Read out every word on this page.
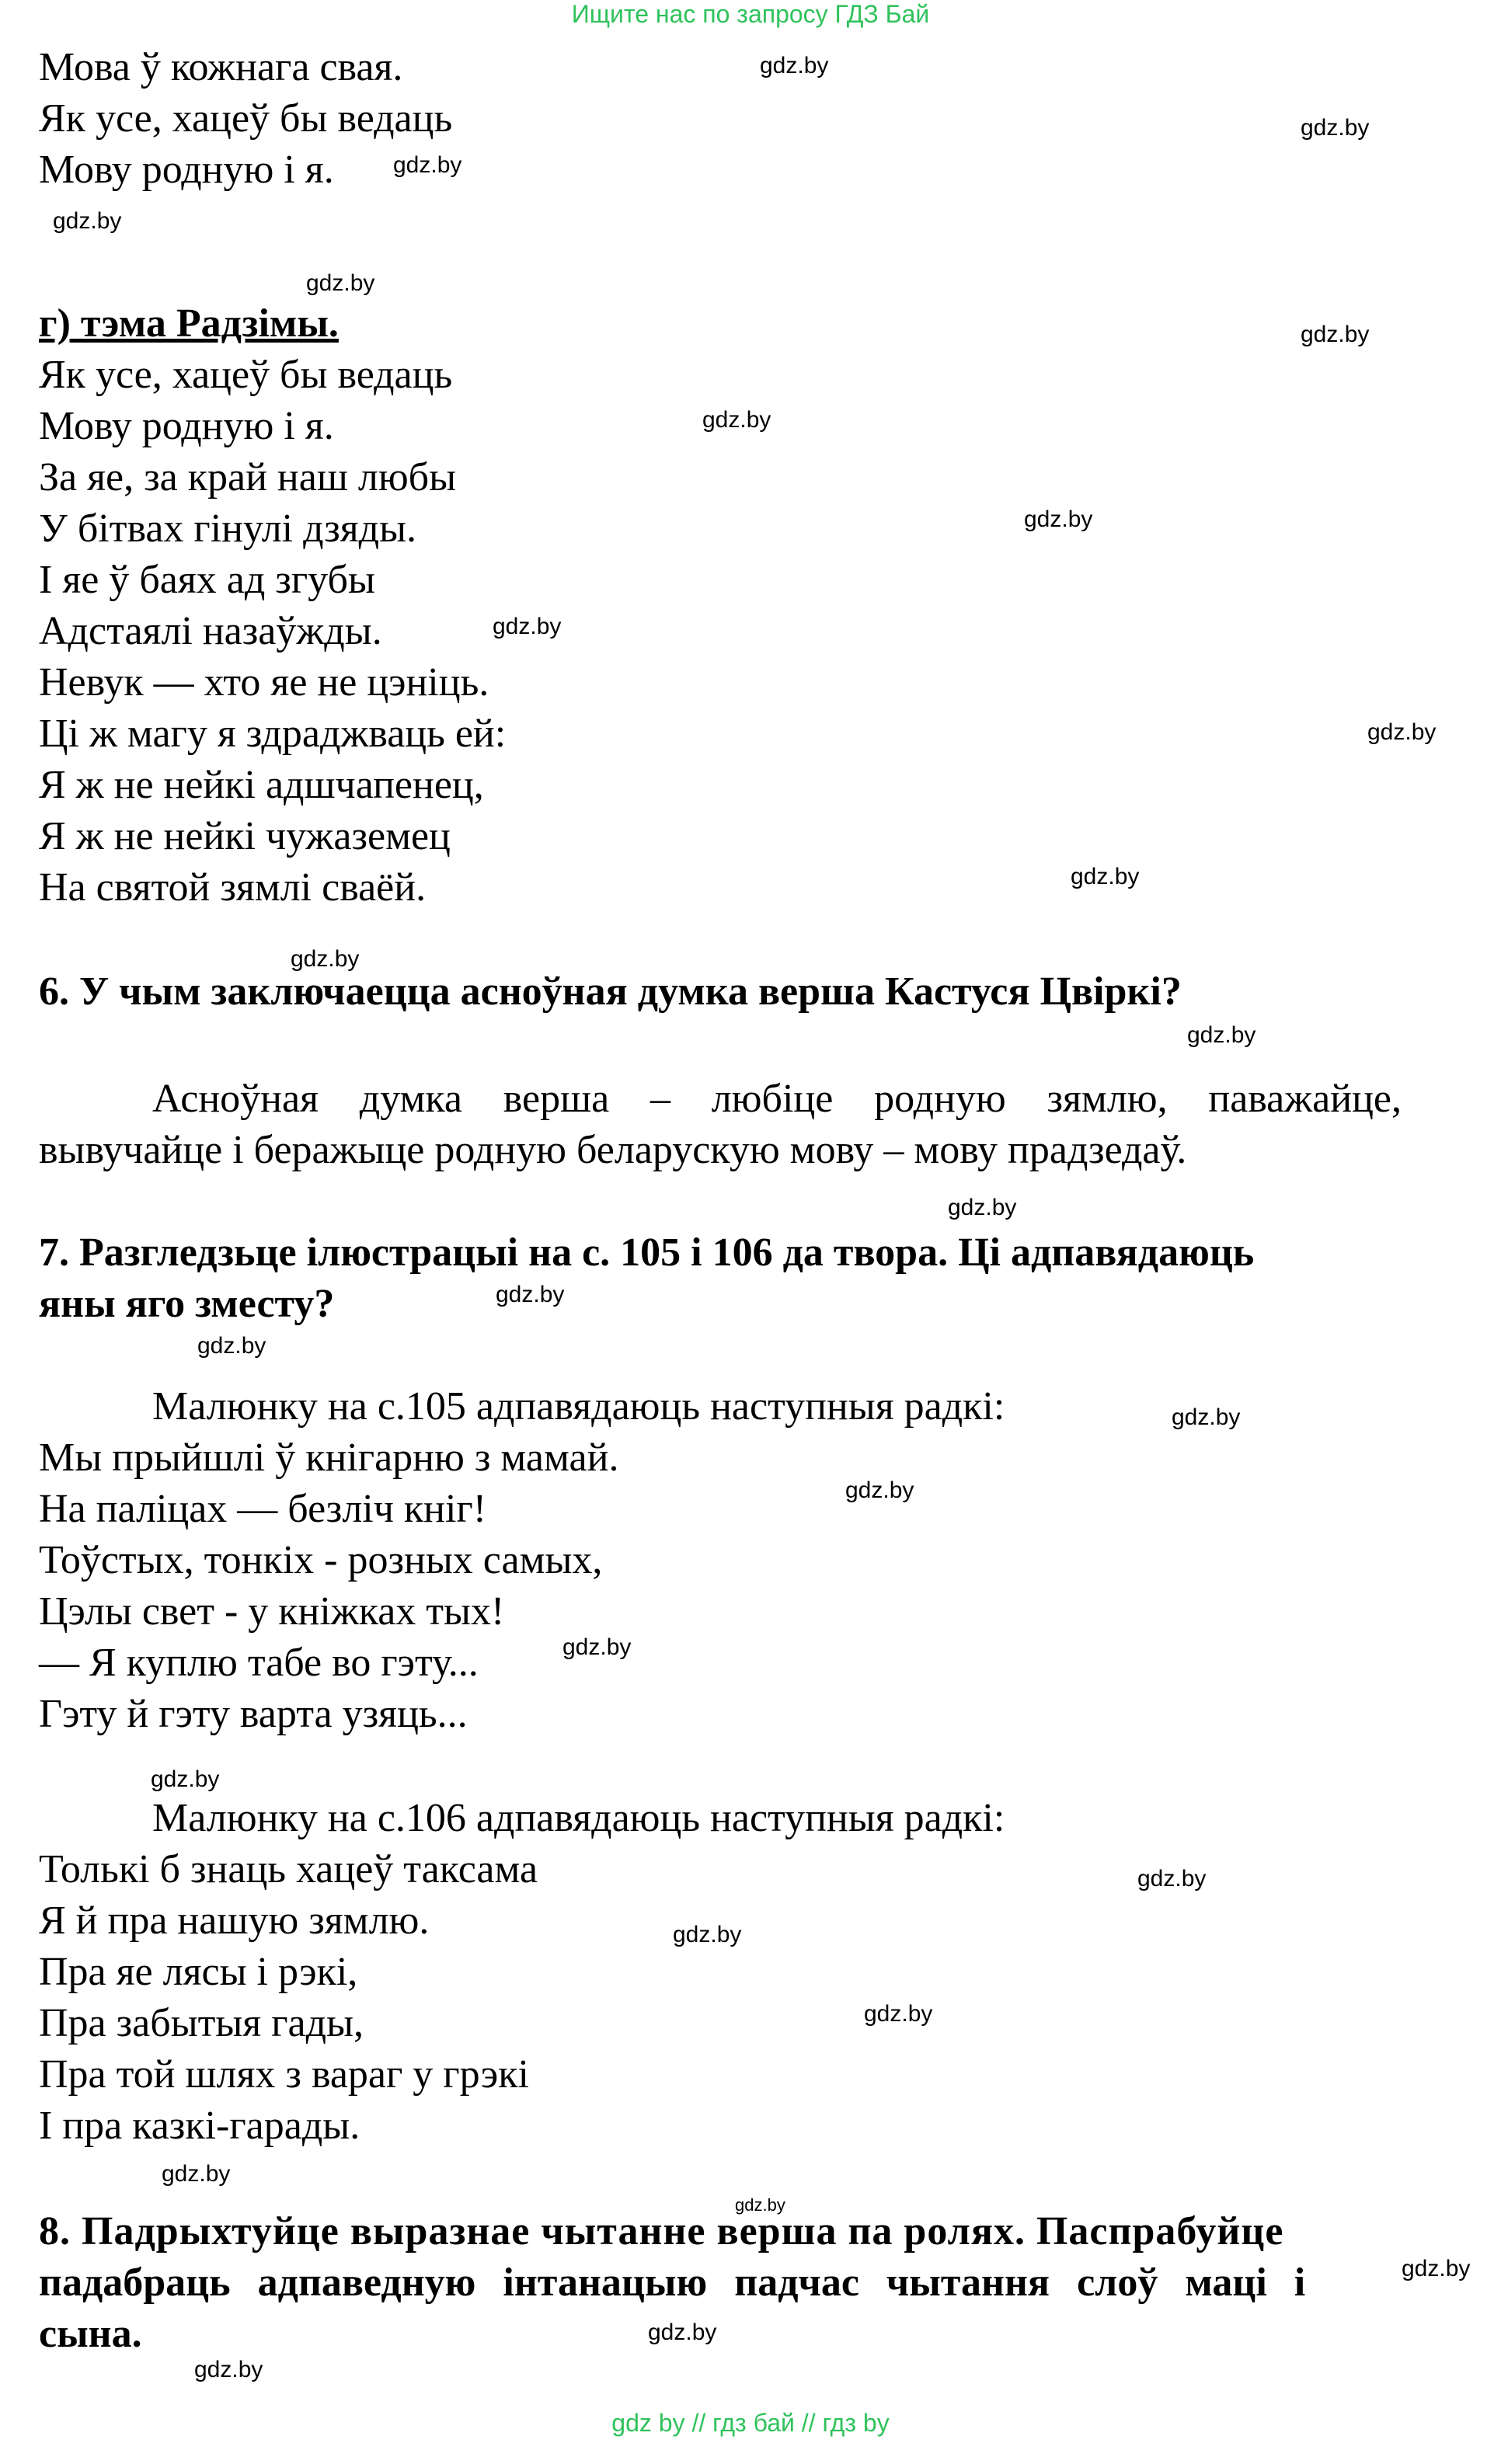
Ищите нас по запросу ГДЗ Бай
Мова ў кожнага свая.
Як усе, хацеў бы ведаць
Мову родную і я.
г) тэма Радзімы.
Як усе, хацеў бы ведаць
Мову родную і я.
За яе, за край наш любы
У бітвах гінулі дзяды.
І яе ў баях ад згубы
Адстаялі назаўжды.
Невук — хто яе не цэніць.
Ці ж магу я здраджваць ей:
Я ж не нейкі адшчапенец,
Я ж не нейкі чужаземец
На святой зямлі сваёй.
6. У чым заключаецца асноўная думка верша Кастуся Цвіркі?
Асноўная думка верша – любіце родную зямлю, паважайце,
вывучайце і беражыце родную беларускую мову – мову прадзедаў.
7. Разгледзьце ілюстрацыі на с. 105 і 106 да твора. Ці адпавядаюць
яны яго зместу?
Малюнку на с.105 адпавядаюць наступныя радкі:
Мы прыйшлі ў кнігарню з мамай.
На паліцах — безліч кніг!
Тоўстых, тонкіх - розных самых,
Цэлы свет - у кніжках тых!
— Я куплю табе во гэту...
Гэту й гэту варта узяць...
Малюнку на с.106 адпавядаюць наступныя радкі:
Толькі б знаць хацеў таксама
Я й пра нашую зямлю.
Пра яе лясы і рэкі,
Пра забытыя гады,
Пра той шлях з вараг у грэкі
І пра казкі-гарады.
8. Падрыхтуйце выразнае чытанне верша па ролях. Паспрабуйце
падабраць адпаведную інтанацыю падчас чытання слоў маці і
сына.
gdz.by
gdz.by
gdz.by
gdz.by
gdz.by
gdz.by
gdz.by
gdz.by
gdz.by
gdz.by
gdz.by
gdz.by
gdz.by
gdz.by
gdz.by
gdz.by
gdz.by
gdz.by
gdz.by
gdz.by
gdz.by
gdz.by
gdz.by
gdz.by
gdz.by
gdz.by
gdz.by
gdz.by
gdz by // гдз бай // гдз by
